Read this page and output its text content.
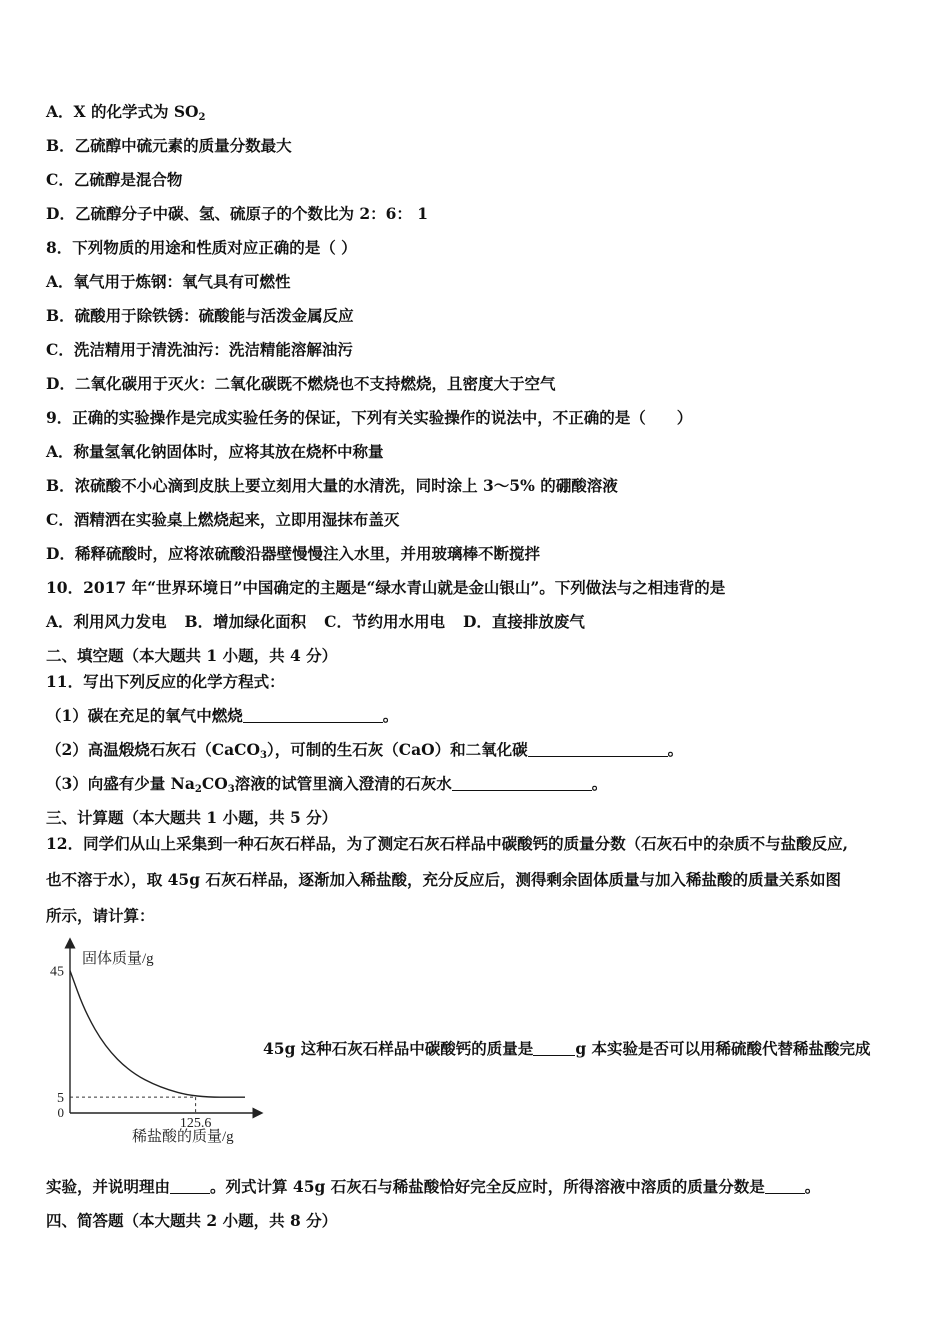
A．X 的化学式为 $SO_2$
B．乙硫醇中硫元素的质量分数最大
C．乙硫醇是混合物
D．乙硫醇分子中碳、氢、硫原子的个数比为 2：6： 1
8．下列物质的用途和性质对应正确的是（ ）
A．氧气用于炼钢：氧气具有可燃性
B．硫酸用于除铁锈：硫酸能与活泼金属反应
C．洗洁精用于清洗油污：洗洁精能溶解油污
D．二氧化碳用于灭火：二氧化碳既不燃烧也不支持燃烧，且密度大于空气
9．正确的实验操作是完成实验任务的保证，下列有关实验操作的说法中，不正确的是（　　）
A．称量氢氧化钠固体时，应将其放在烧杯中称量
B．浓硫酸不小心滴到皮肤上要立刻用大量的水清洗，同时涂上 3～5% 的硼酸溶液
C．酒精洒在实验桌上燃烧起来，立即用湿抹布盖灭
D．稀释硫酸时，应将浓硫酸沿器壁慢慢注入水里，并用玻璃棒不断搅拌
10．2017 年“世界环境日”中国确定的主题是“绿水青山就是金山银山”。下列做法与之相违背的是
A．利用风力发电 B．增加绿化面积 C．节约用水用电 D．直接排放废气
二、填空题（本大题共 1 小题，共 4 分）
11．写出下列反应的化学方程式：
（1）碳在充足的氧气中燃烧	。
（2）高温煅烧石灰石（CaCO$_3$），可制的生石灰（CaO）和二氧化碳	。
（3）向盛有少量 $Na_2CO_3$溶液的试管里滴入澄清的石灰水	。
三、计算题（本大题共 1 小题，共 5 分）
12．同学们从山上采集到一种石灰石样品，为了测定石灰石样品中碳酸钙的质量分数（石灰石中的杂质不与盐酸反应,
也不溶于水），取 45g 石灰石样品，逐渐加入稀盐酸，充分反应后，测得剩余固体质量与加入稀盐酸的质量关系如图
所示，请计算：
45
5
125.6
固体质量/g
稀盐酸的质量/g
0
45g 这种石灰石样品中碳酸钙的质量是	g 本实验是否可以用稀硫酸代替稀盐酸完成
实验，并说明理由	。列式计算 45g 石灰石与稀盐酸恰好完全反应时，所得溶液中溶质的质量分数是	。
四、简答题（本大题共 2 小题，共 8 分）
